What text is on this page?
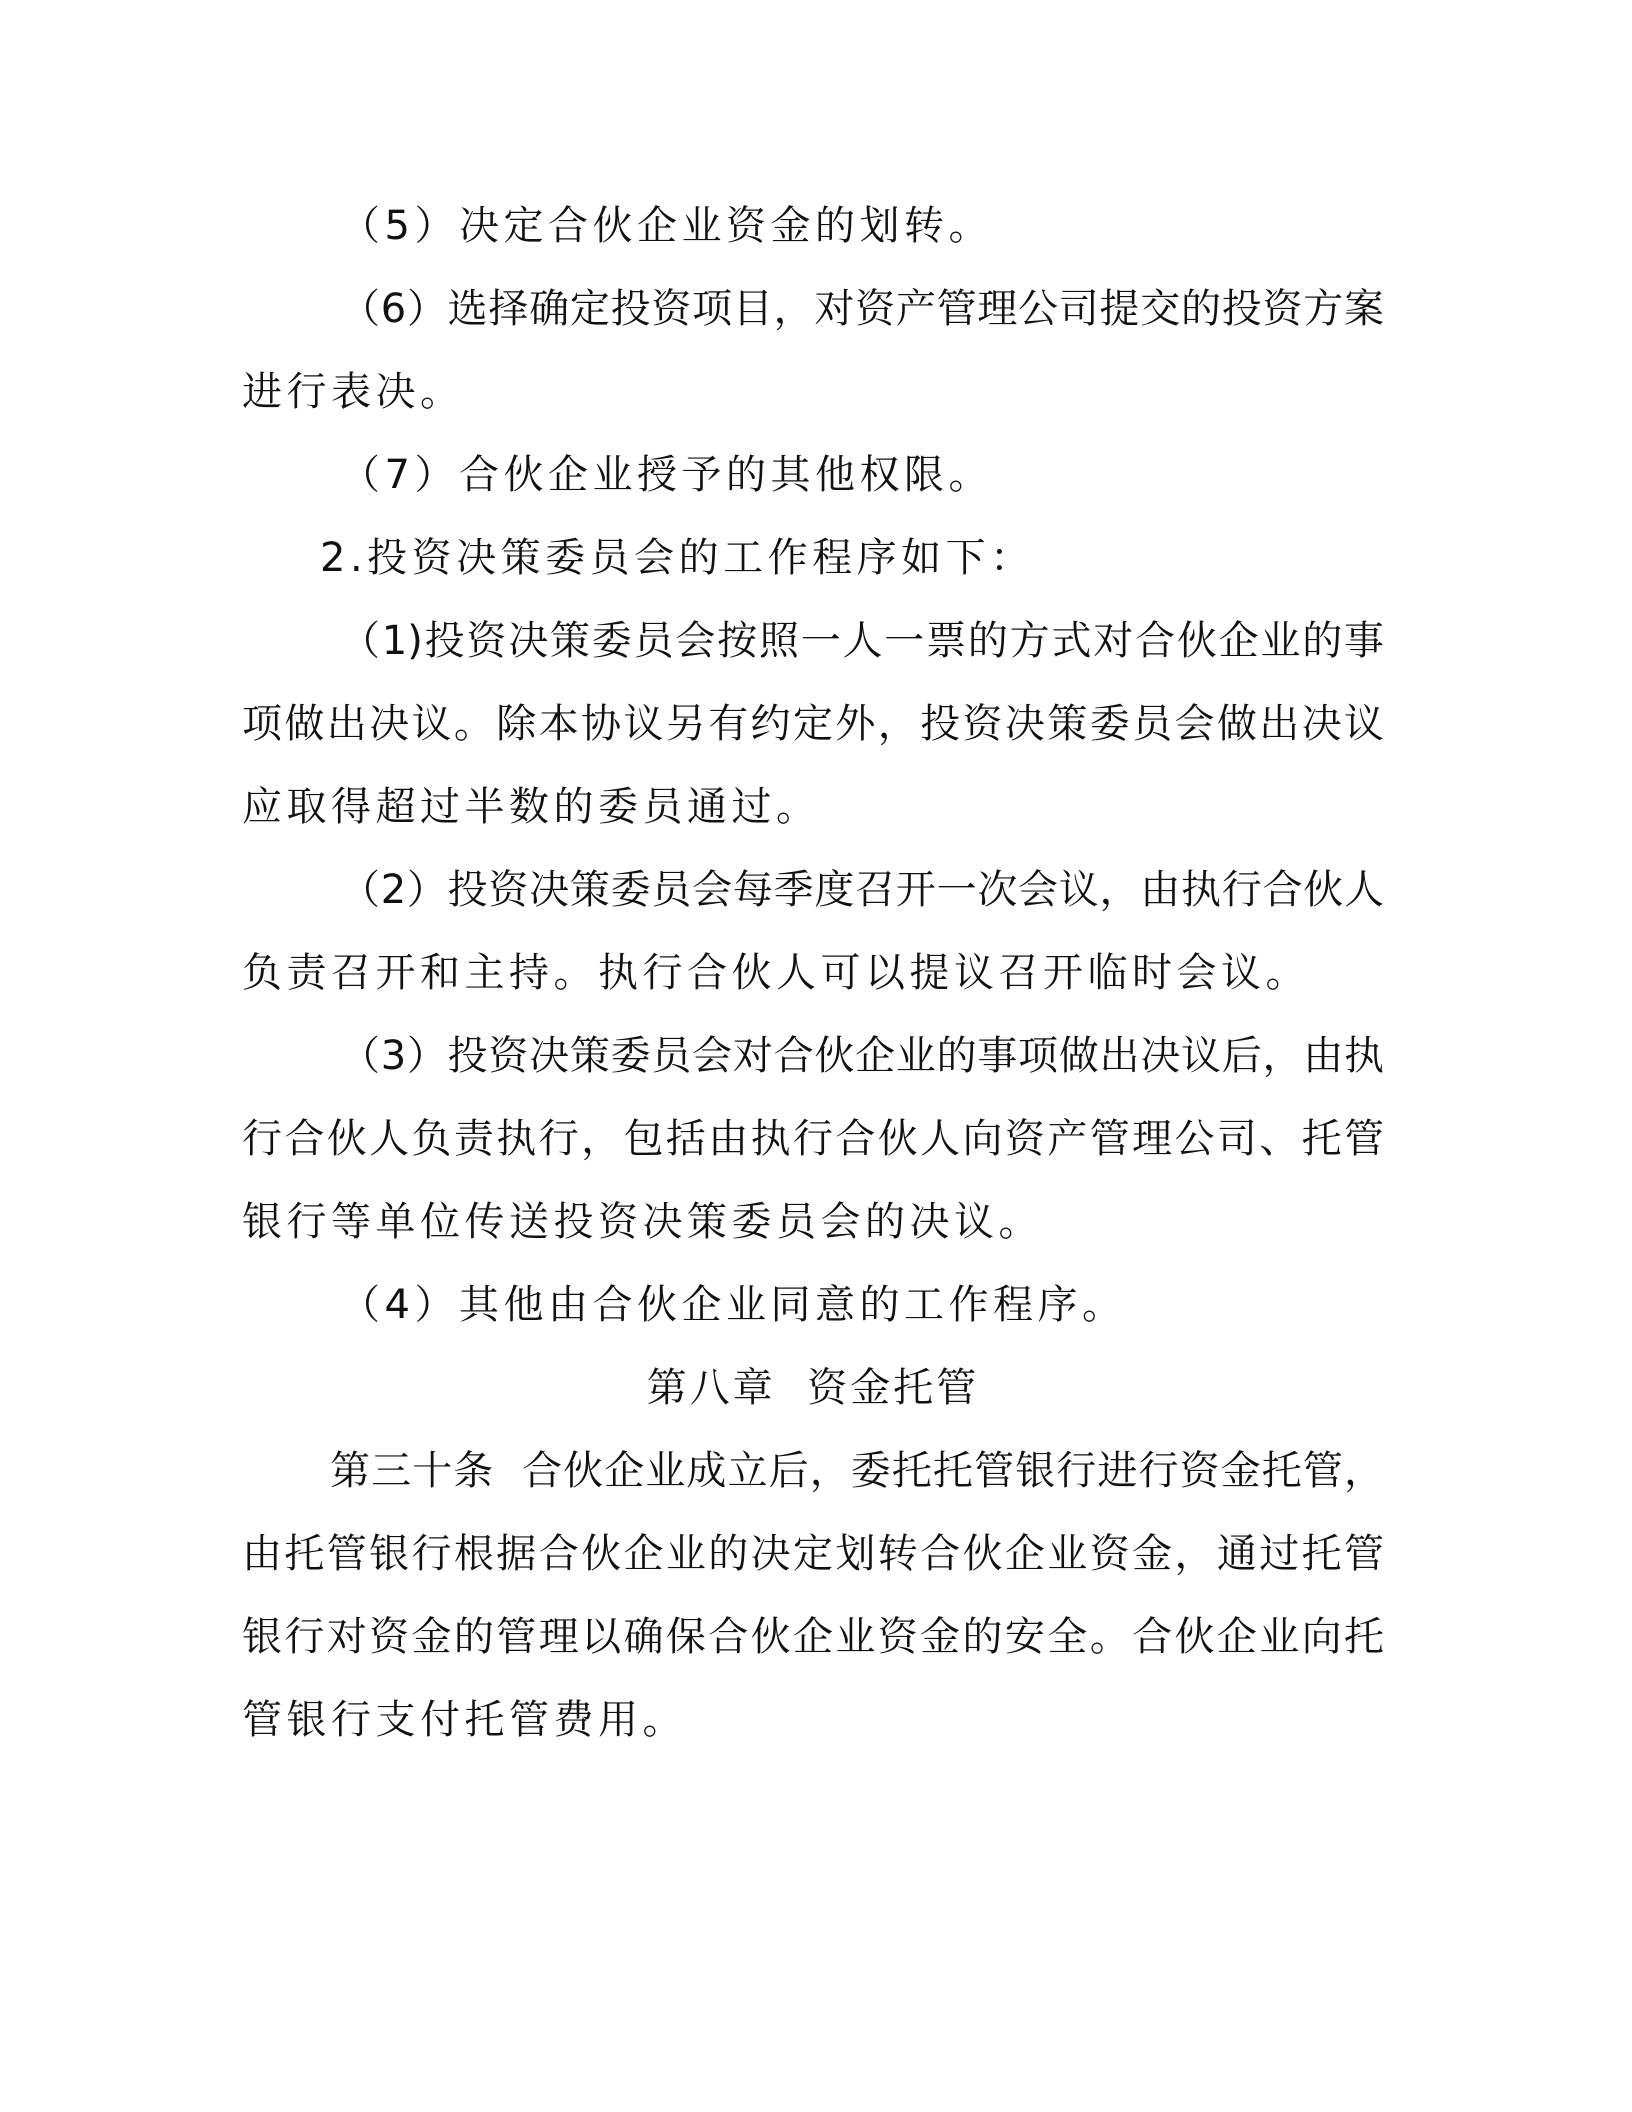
（5）决定合伙企业资金的划转。
（6）选择确定投资项目，对资产管理公司提交的投资方案
进行表决。
（7）合伙企业授予的其他权限。
2.投资决策委员会的工作程序如下：
（1)投资决策委员会按照一人一票的方式对合伙企业的事
项做出决议。除本协议另有约定外，投资决策委员会做出决议
应取得超过半数的委员通过。
（2）投资决策委员会每季度召开一次会议，由执行合伙人
负责召开和主持。执行合伙人可以提议召开临时会议。
（3）投资决策委员会对合伙企业的事项做出决议后，由执
行合伙人负责执行，包括由执行合伙人向资产管理公司、托管
银行等单位传送投资决策委员会的决议。
（4）其他由合伙企业同意的工作程序。
第八章  资金托管
第三十条  合伙企业成立后，委托托管银行进行资金托管，
由托管银行根据合伙企业的决定划转合伙企业资金，通过托管
银行对资金的管理以确保合伙企业资金的安全。合伙企业向托
管银行支付托管费用。
